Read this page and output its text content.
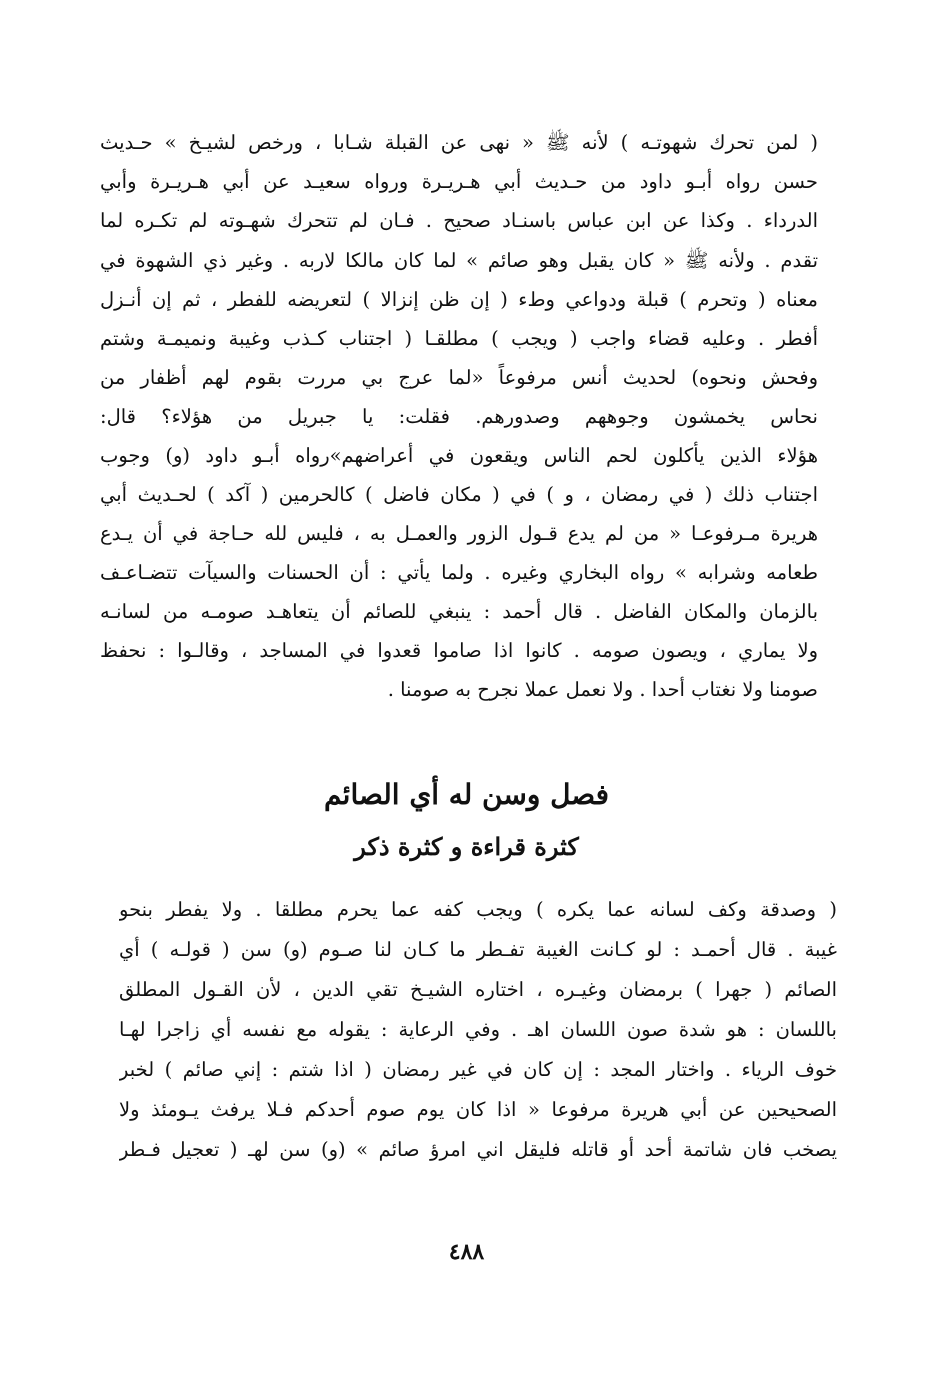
( لمن تحرك شهوتـه ) لأنه ﷺ « نهى عن القبلة شـابا ، ورخص لشيـخ » حـديث
حسن رواه أبـو داود من حـديث أبي هـريـرة ورواه سعيـد عن أبي هـريـرة وأبي
الدرداء . وكذا عن ابن عباس باسنـاد صحيح . فـان لم تتحرك شهـوته لم تكـره لما
تقدم . ولأنه ﷺ « كان يقبل وهو صائم » لما كان مالكا لاربه . وغير ذي الشهوة في
معناه ( وتحرم ) قبلة ودواعي وطء ( إن ظن إنزالا ) لتعريضه للفطر ، ثم إن أنـزل
أفطر . وعليه قضاء واجب ( ويجب ) مطلقـا ( اجتناب كـذب وغيبة ونميمـة وشتم
وفحش ونحوه) لحديث أنس مرفوعاً «لما عرج بي مررت بقوم لهم أظفار من
نحاس يخمشون وجوههم وصدورهم. فقلت: يا جبريل من هؤلاء؟ قال:
هؤلاء الذين يأكلون لحم الناس ويقعون في أعراضهم»رواه أبـو داود (و) وجوب
اجتناب ذلك ( في رمضان ، و ) في ( مكان فاضل ) كالحرمين ( آكد ) لحـديث أبي
هريرة مـرفوعـا « من لم يدع قـول الزور والعمـل به ، فليس لله حـاجة في أن يـدع
طعامه وشرابه » رواه البخاري وغيره . ولما يأتي : أن الحسنات والسيآت تتضـاعـف
بالزمان والمكان الفاضل . قال أحمد : ينبغي للصائم أن يتعاهـد صومـه من لسانـه
ولا يماري ، ويصون صومه . كانوا اذا صاموا قعدوا في المساجد ، وقالـوا : نحفظ
صومنا ولا نغتاب أحدا . ولا نعمل عملا نجرح به صومنا .
فصل وسن له أي الصائم
كثرة قراءة و كثرة ذكر
( وصدقة وكف لسانه عما يكره ) ويجب كفه عما يحرم مطلقا . ولا يفطر بنحو
غيبة . قال أحمـد : لو كـانت الغيبة تفـطر ما كـان لنا صـوم (و) سن ( قولـه ) أي
الصائم ( جهرا ) برمضان وغيـره ، اختاره الشيـخ تقي الدين ، لأن القـول المطلق
باللسان : هو شدة صون اللسان اهـ . وفي الرعاية : يقوله مع نفسه أي زاجرا لهـا
خوف الرياء . واختار المجد : إن كان في غير رمضان ( اذا شتم : إني صائم ) لخبر
الصحيحين عن أبي هريرة مرفوعا « اذا كان يوم صوم أحدكم فـلا يرفث يـومئذ ولا
يصخب فان شاتمة أحد أو قاتله فليقل اني امرؤ صائم » (و) سن لهـ ( تعجيل فـطر
٤٨٨
